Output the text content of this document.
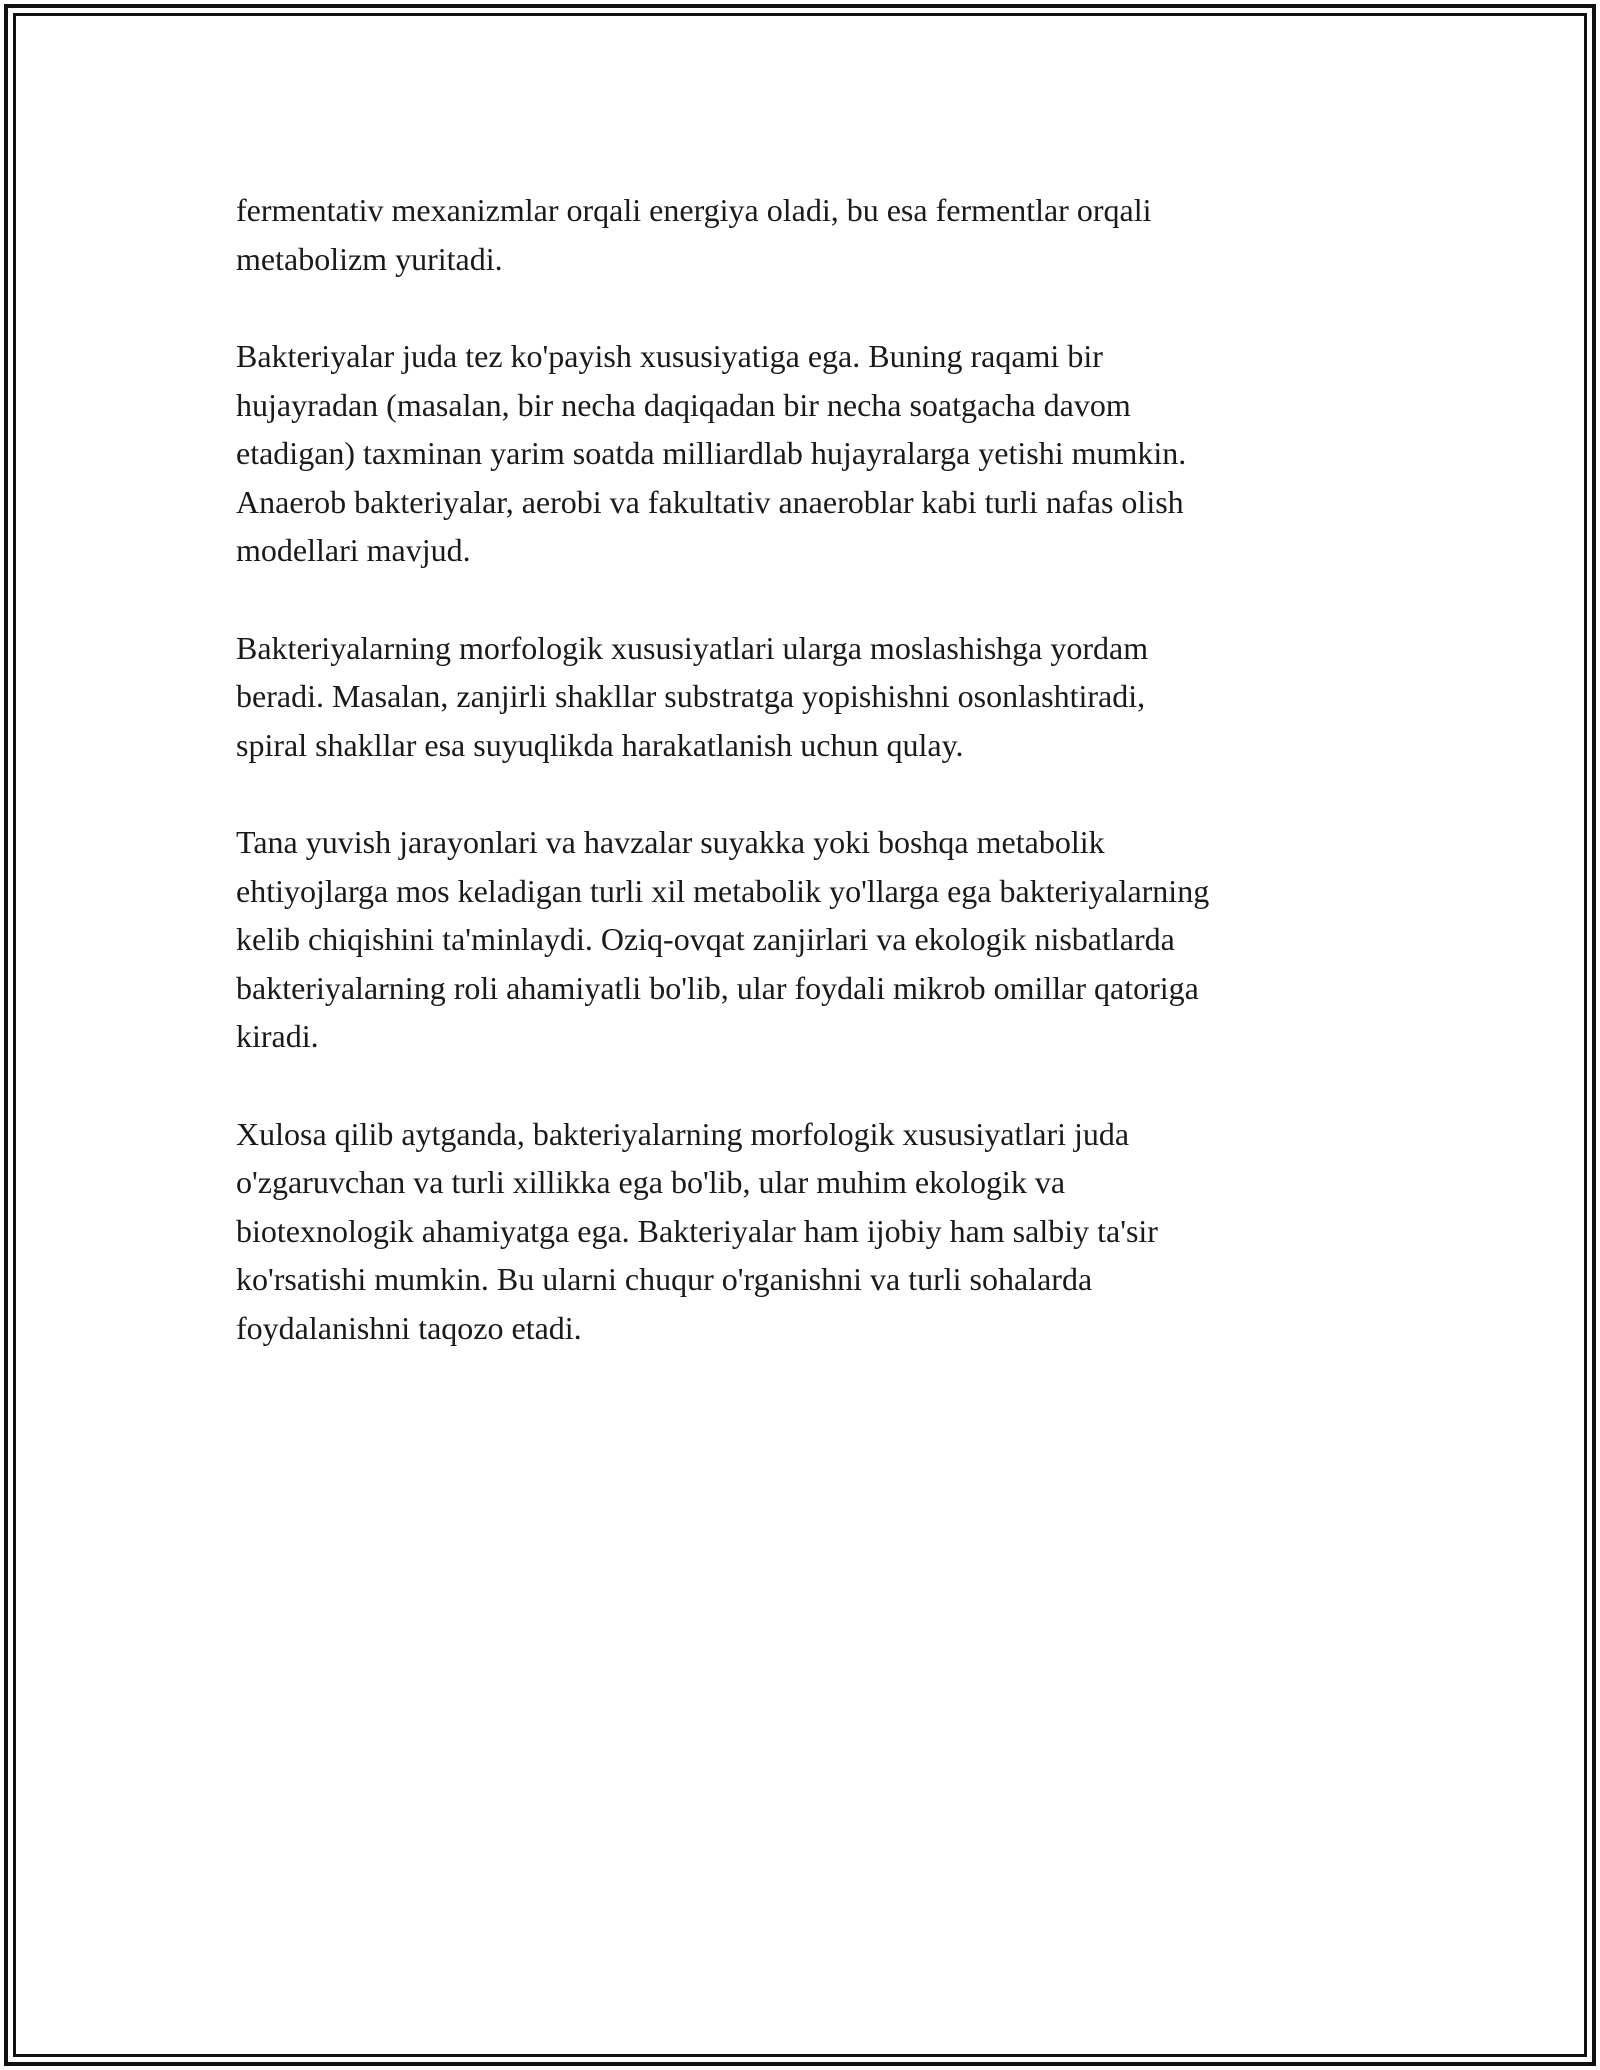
fermentativ mexanizmlar orqali energiya oladi, bu esa fermentlar orqali
metabolizm yuritadi.

Bakteriyalar juda tez ko'payish xususiyatiga ega. Buning raqami bir
hujayradan (masalan, bir necha daqiqadan bir necha soatgacha davom
etadigan) taxminan yarim soatda milliardlab hujayralarga yetishi mumkin.
Anaerob bakteriyalar, aerobi va fakultativ anaeroblar kabi turli nafas olish
modellari mavjud.

Bakteriyalarning morfologik xususiyatlari ularga moslashishga yordam
beradi. Masalan, zanjirli shakllar substratga yopishishni osonlashtiradi,
spiral shakllar esa suyuqlikda harakatlanish uchun qulay.

Tana yuvish jarayonlari va havzalar suyakka yoki boshqa metabolik
ehtiyojlarga mos keladigan turli xil metabolik yo'llarga ega bakteriyalarning
kelib chiqishini ta'minlaydi. Oziq-ovqat zanjirlari va ekologik nisbatlarda
bakteriyalarning roli ahamiyatli bo'lib, ular foydali mikrob omillar qatoriga
kiradi.

Xulosa qilib aytganda, bakteriyalarning morfologik xususiyatlari juda
o'zgaruvchan va turli xillikka ega bo'lib, ular muhim ekologik va
biotexnologik ahamiyatga ega. Bakteriyalar ham ijobiy ham salbiy ta'sir
ko'rsatishi mumkin. Bu ularni chuqur o'rganishni va turli sohalarda
foydalanishni taqozo etadi.
